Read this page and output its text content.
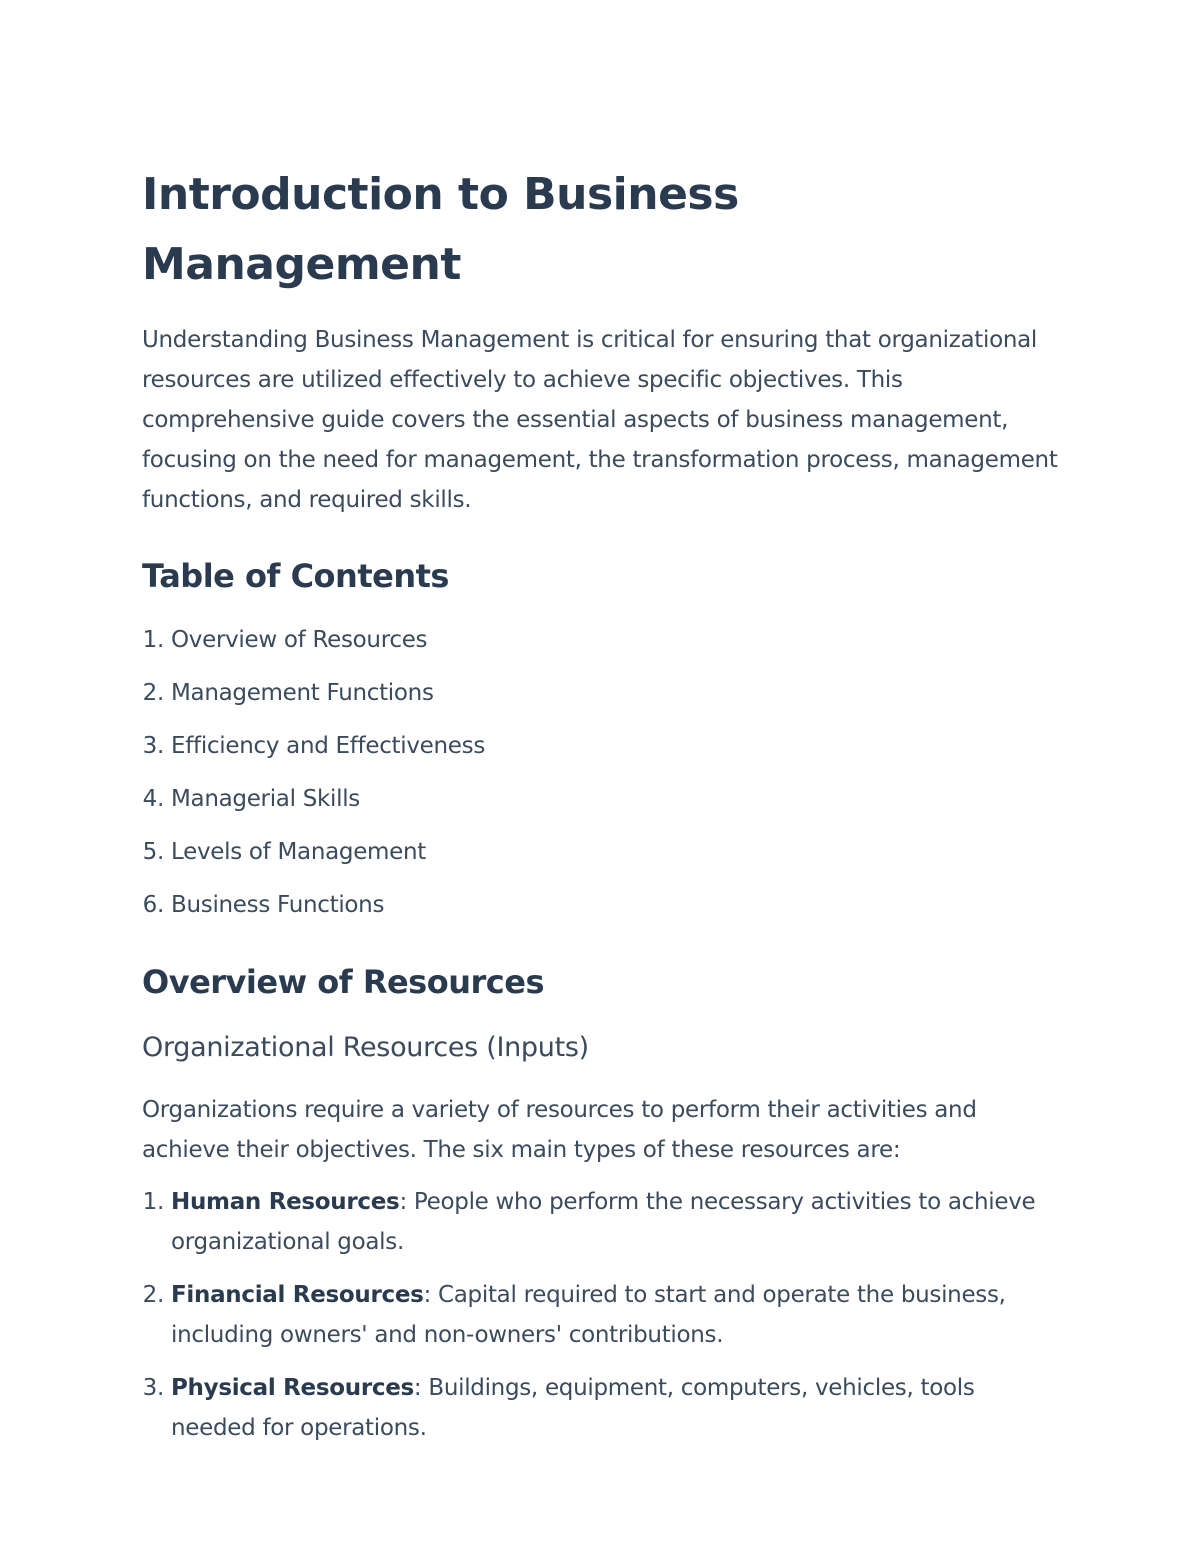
Introduction to Business Management

Understanding Business Management is critical for ensuring that organizational resources are utilized effectively to achieve specific objectives. This comprehensive guide covers the essential aspects of business management, focusing on the need for management, the transformation process, management functions, and required skills.

Table of Contents
1. Overview of Resources
2. Management Functions
3. Efficiency and Effectiveness
4. Managerial Skills
5. Levels of Management
6. Business Functions
Overview of Resources
Organizational Resources (Inputs)

Organizations require a variety of resources to perform their activities and achieve their objectives. The six main types of these resources are:

1. Human Resources: People who perform the necessary activities to achieve organizational goals.
2. Financial Resources: Capital required to start and operate the business, including owners' and non-owners' contributions.
3. Physical Resources: Buildings, equipment, computers, vehicles, tools needed for operations.
